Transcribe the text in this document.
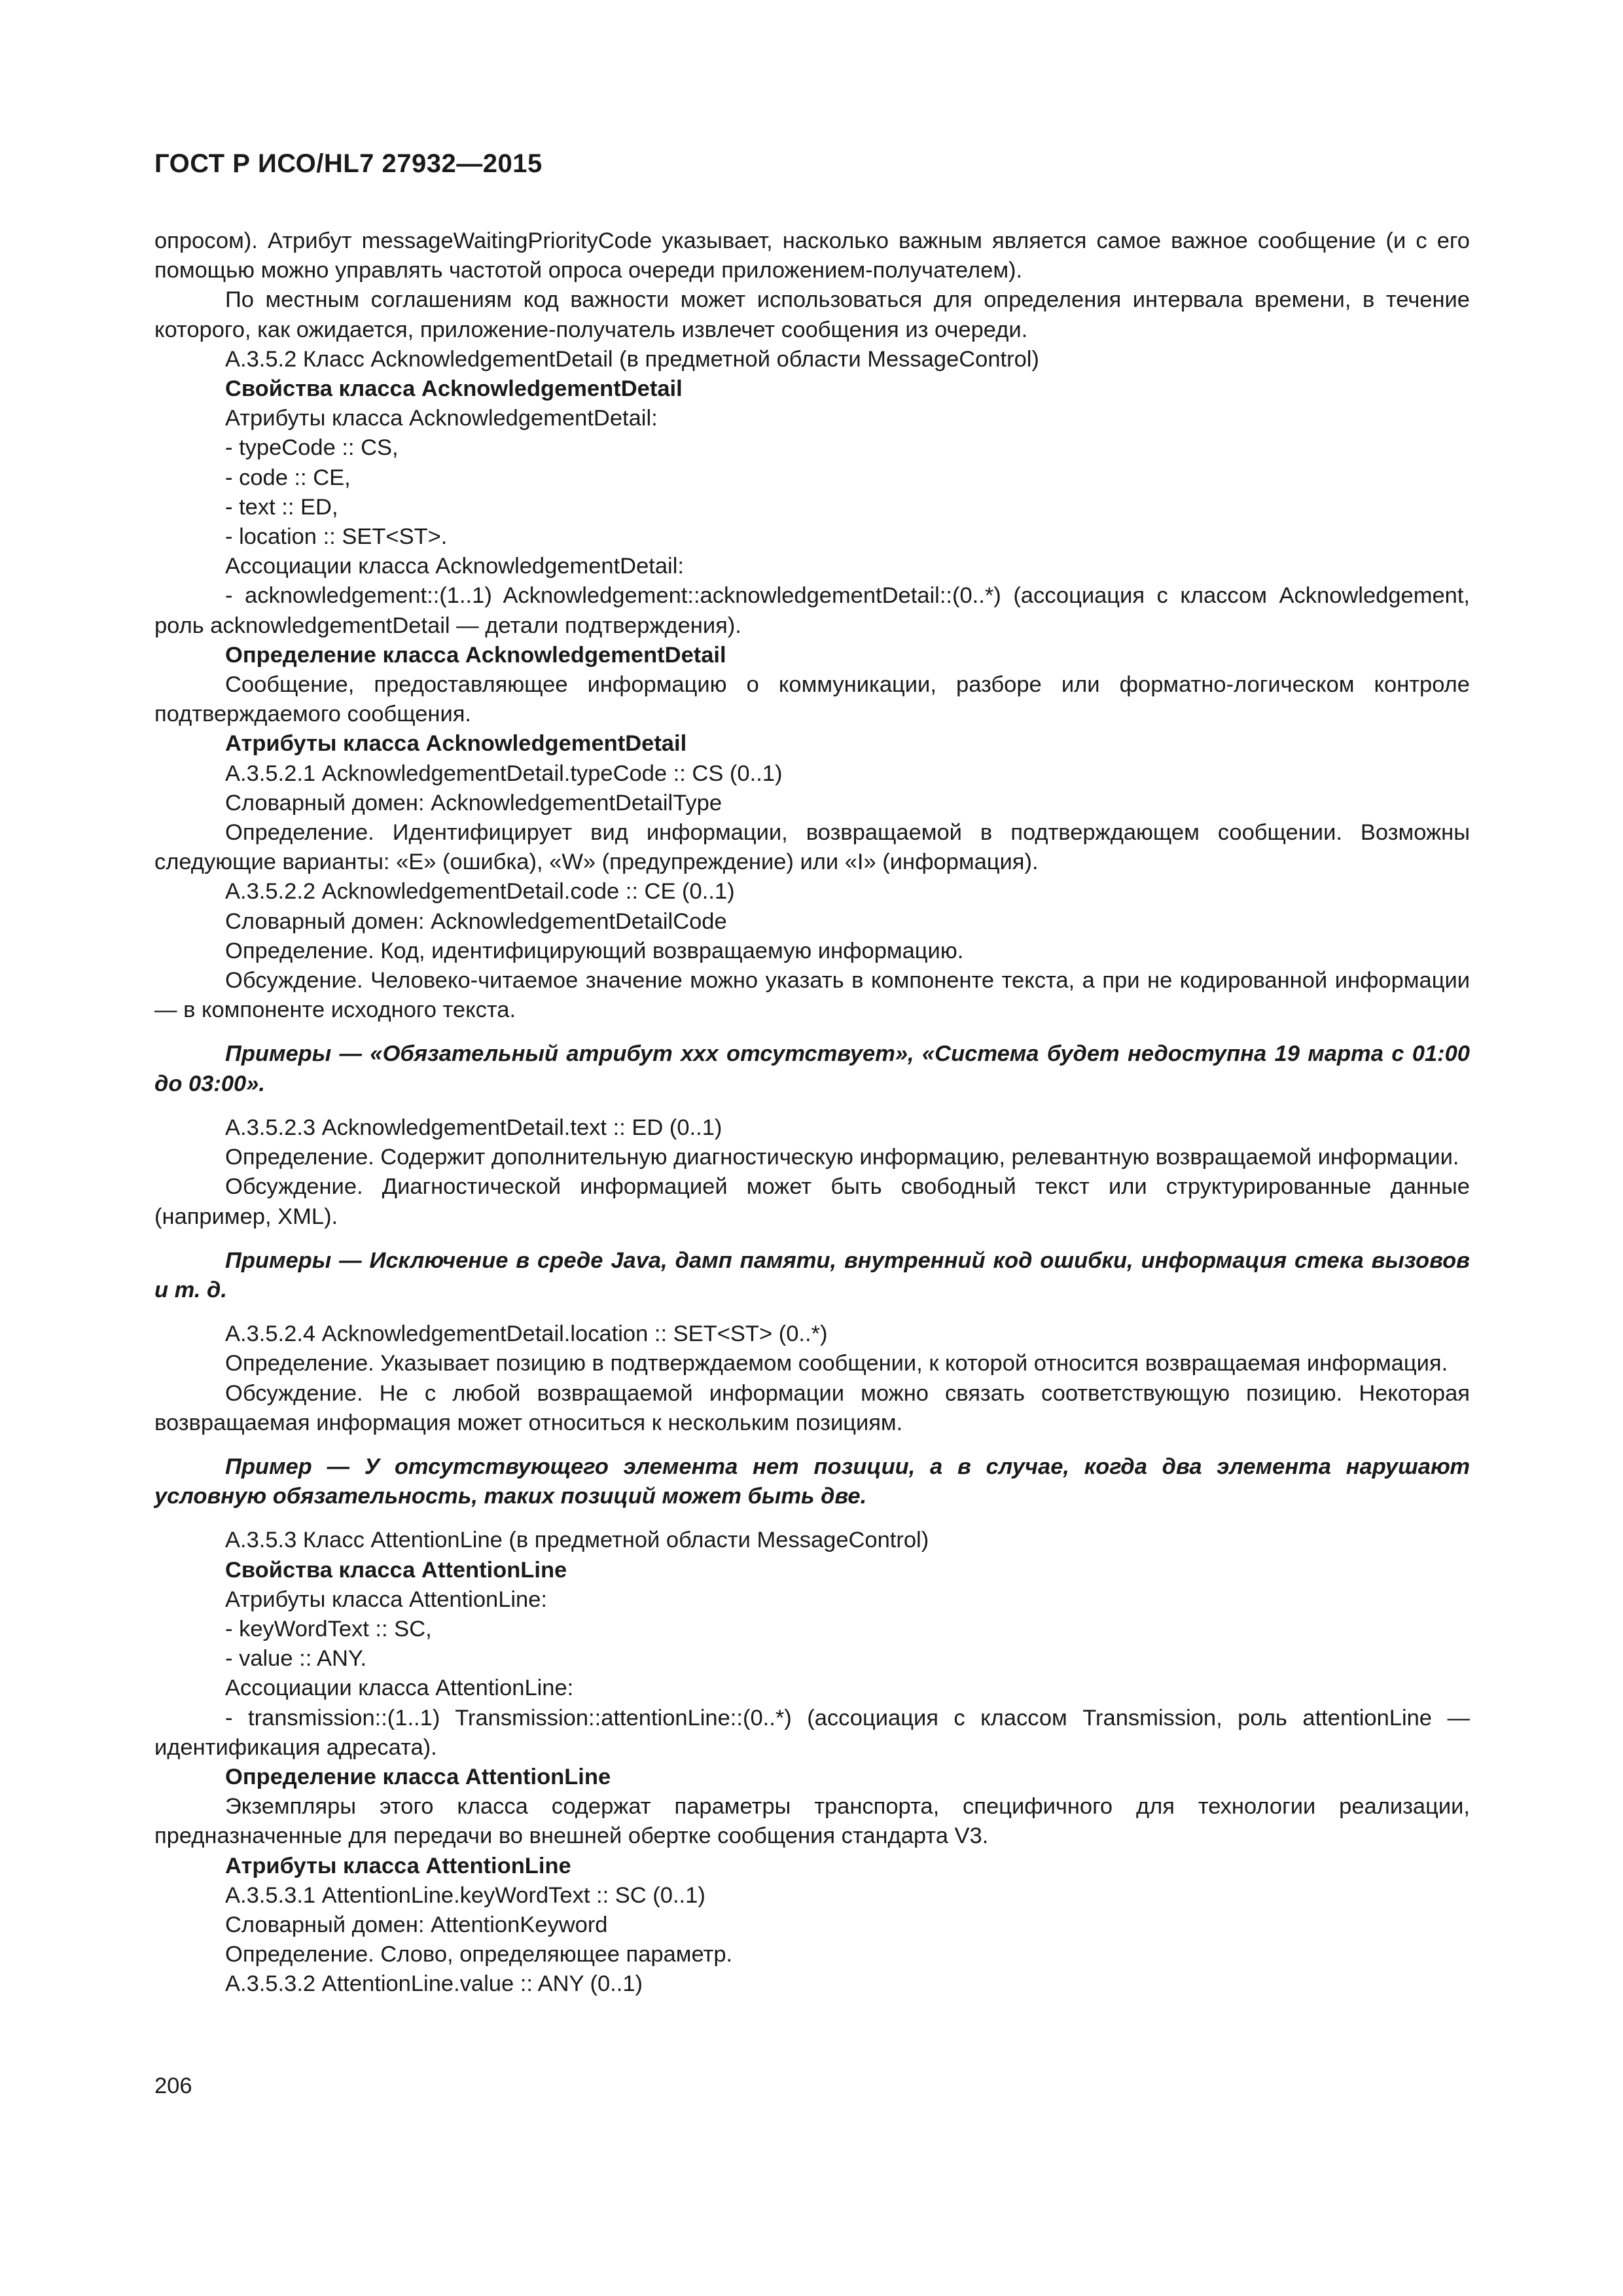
ГОСТ Р ИСО/HL7 27932—2015

опросом). Атрибут messageWaitingPriorityCode указывает, насколько важным является самое важное сообщение (и с его помощью можно управлять частотой опроса очереди приложением-получателем).

По местным соглашениям код важности может использоваться для определения интервала времени, в течение которого, как ожидается, приложение-получатель извлечет сообщения из очереди.

А.3.5.2 Класс AcknowledgementDetail (в предметной области MessageControl)

Свойства класса AcknowledgementDetail

Атрибуты класса AcknowledgementDetail:

- typeCode :: CS,

- code :: CE,

- text :: ED,

- location :: SET<ST>.

Ассоциации класса AcknowledgementDetail:

- acknowledgement::(1..1) Acknowledgement::acknowledgementDetail::(0..*) (ассоциация с классом Acknowledgement, роль acknowledgementDetail — детали подтверждения).

Определение класса AcknowledgementDetail

Сообщение, предоставляющее информацию о коммуникации, разборе или форматно-логическом контроле подтверждаемого сообщения.

Атрибуты класса AcknowledgementDetail

А.3.5.2.1 AcknowledgementDetail.typeCode :: CS (0..1)

Словарный домен: AcknowledgementDetailType

Определение. Идентифицирует вид информации, возвращаемой в подтверждающем сообщении. Возможны следующие варианты: «E» (ошибка), «W» (предупреждение) или «I» (информация).

А.3.5.2.2 AcknowledgementDetail.code :: CE (0..1)

Словарный домен: AcknowledgementDetailCode

Определение. Код, идентифицирующий возвращаемую информацию.

Обсуждение. Человеко-читаемое значение можно указать в компоненте текста, а при не кодированной информации — в компоненте исходного текста.

Примеры — «Обязательный атрибут xxx отсутствует», «Система будет недоступна 19 марта с 01:00 до 03:00».

А.3.5.2.3 AcknowledgementDetail.text :: ED (0..1)

Определение. Содержит дополнительную диагностическую информацию, релевантную возвращаемой информации.

Обсуждение. Диагностической информацией может быть свободный текст или структурированные данные (например, XML).

Примеры — Исключение в среде Java, дамп памяти, внутренний код ошибки, информация стека вызовов и т. д.

А.3.5.2.4 AcknowledgementDetail.location :: SET<ST> (0..*)

Определение. Указывает позицию в подтверждаемом сообщении, к которой относится возвращаемая информация.

Обсуждение. Не с любой возвращаемой информации можно связать соответствующую позицию. Некоторая возвращаемая информация может относиться к нескольким позициям.

Пример — У отсутствующего элемента нет позиции, а в случае, когда два элемента нарушают условную обязательность, таких позиций может быть две.

А.3.5.3 Класс AttentionLine (в предметной области MessageControl)

Свойства класса AttentionLine

Атрибуты класса AttentionLine:

- keyWordText :: SC,

- value :: ANY.

Ассоциации класса AttentionLine:

- transmission::(1..1) Transmission::attentionLine::(0..*) (ассоциация с классом Transmission, роль attentionLine — идентификация адресата).

Определение класса AttentionLine

Экземпляры этого класса содержат параметры транспорта, специфичного для технологии реализации, предназначенные для передачи во внешней обертке сообщения стандарта V3.

Атрибуты класса AttentionLine

А.3.5.3.1 AttentionLine.keyWordText :: SC (0..1)

Словарный домен: AttentionKeyword

Определение. Слово, определяющее параметр.

А.3.5.3.2 AttentionLine.value :: ANY (0..1)

206
